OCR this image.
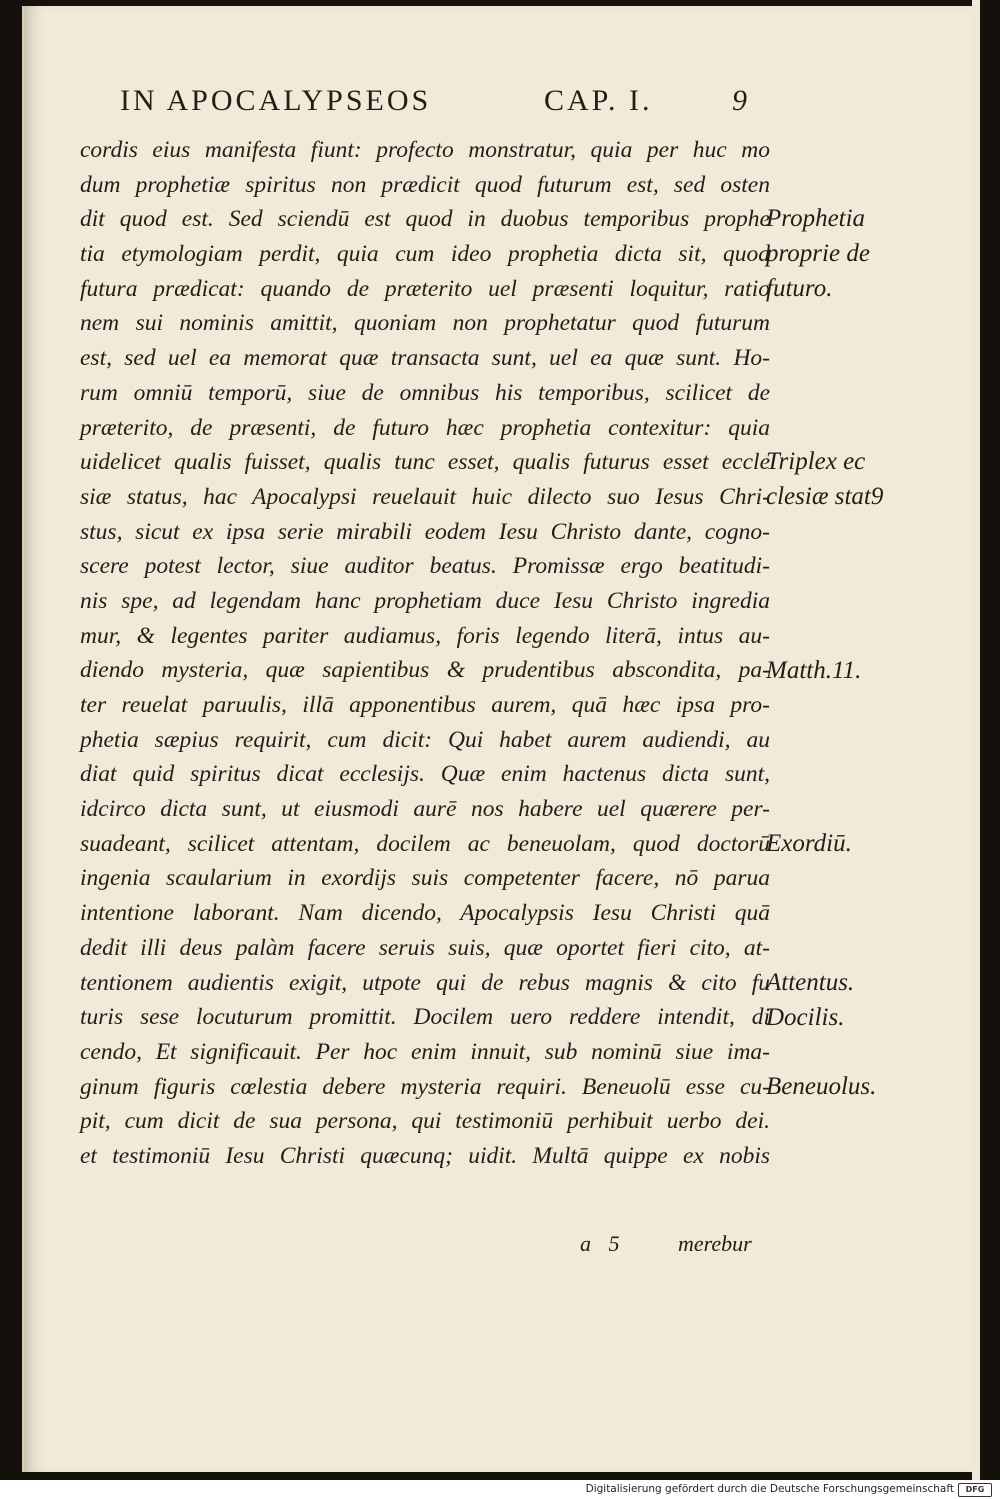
IN APOCALYPSEOS	CAP. I.	9
cordis eius manifesta fiunt: profecto monstratur, quia per huc mo
dum prophetiæ spiritus non prædicit quod futurum est, sed osten
dit quod est. Sed sciendū est quod in duobus temporibus prophe
tia etymologiam perdit, quia cum ideo prophetia dicta sit, quod
futura prædicat: quando de præterito uel præsenti loquitur, ratio
nem sui nominis amittit, quoniam non prophetatur quod futurum
est, sed uel ea memorat quæ transacta sunt, uel ea quæ sunt. Ho-
rum omniū temporū, siue de omnibus his temporibus, scilicet de
præterito, de præsenti, de futuro hæc prophetia contexitur: quia
uidelicet qualis fuisset, qualis tunc esset, qualis futurus esset eccle
siæ status, hac Apocalypsi reuelauit huic dilecto suo Iesus Chri-
stus, sicut ex ipsa serie mirabili eodem Iesu Christo dante, cogno-
scere potest lector, siue auditor beatus. Promissæ ergo beatitudi-
nis spe, ad legendam hanc prophetiam duce Iesu Christo ingredia
mur, & legentes pariter audiamus, foris legendo literā, intus au-
diendo mysteria, quæ sapientibus & prudentibus abscondita, pa-
ter reuelat paruulis, illā apponentibus aurem, quā hæc ipsa pro-
phetia sæpius requirit, cum dicit: Qui habet aurem audiendi, au
diat quid spiritus dicat ecclesijs. Quæ enim hactenus dicta sunt,
idcirco dicta sunt, ut eiusmodi aurē nos habere uel quærere per-
suadeant, scilicet attentam, docilem ac beneuolam, quod doctorū
ingenia scaularium in exordijs suis competenter facere, nō parua
intentione laborant. Nam dicendo, Apocalypsis Iesu Christi quā
dedit illi deus palàm facere seruis suis, quæ oportet fieri cito, at-
tentionem audientis exigit, utpote qui de rebus magnis & cito fu
turis sese locuturum promittit. Docilem uero reddere intendit, di
cendo, Et significauit. Per hoc enim innuit, sub nominū siue ima-
ginum figuris cœlestia debere mysteria requiri. Beneuolū esse cu-
pit, cum dicit de sua persona, qui testimoniū perhibuit uerbo dei.
et testimoniū Iesu Christi quæcunq; uidit. Multā quippe ex nobis
Prophetia
proprie de
futuro.
Triplex ec
clesiæ stat9
Matth.11.
Exordiū.
Attentus.
Docilis.
Beneuolus.
a 5 merebur
Digitalisierung gefördert durch die Deutsche Forschungsgemeinschaft	DFG
